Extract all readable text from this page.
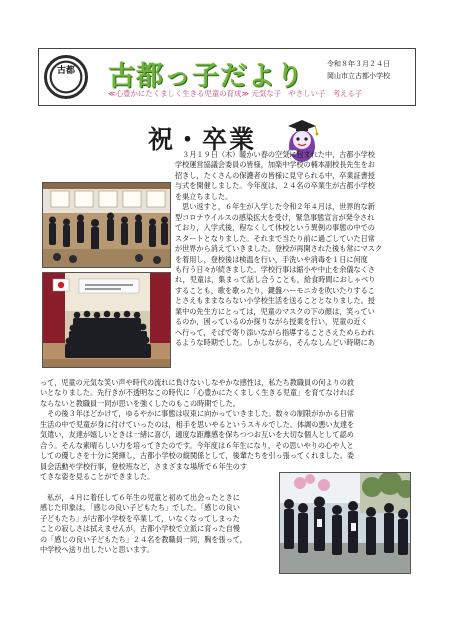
古都 古都っ子だより
≪心豊かにたくましく生きる児童の育成≫ 元気な子　やさしい子　考える子
令和８年３月２４日
岡山市立古都小学校
祝・卒業
　３月１９日（木）暖かい春の空気に包まれた中，古都小学校
学校運営協議会委員の皆様，加楽中学校の楠本副校長先生をお
招きし，たくさんの保護者の皆様に見守られる中，卒業証書授
与式を開催しました。今年度は，２４名の卒業生が古都小学校
を巣立ちました。
　思い返すと，６年生が入学した令和２年４月は，世界的な新
型コロナウイルスの感染拡大を受け，緊急事態宣言が発令され
ており，入学式後，程なくして休校という異例の事態の中での
スタートとなりました。それまで当たり前に過ごしていた日常
が世界から消えていきました。登校が再開された後も常にマスク
を着用し，登校後は検温を行い，手洗いや消毒を１日に何度
も行う日々が続きました。学校行事は縮小や中止を余儀なくさ
れ，児童は，集まって話し合うことも，給食時間におしゃべり
することも，歌を歌ったり，鍵盤ハーモニカを吹いたりするこ
とさえもままならない小学校生活を送ることとなりました。授
業中の先生方にとっては，児童のマスクの下の顔は，笑ってい
るのか，困っているのか探りながら授業を行い，児童の近く
へ行って，そばで寄り添いながら指導することさえためらわれ
るような時期でした。しかしながら，そんなしんどい時期にあ
って，児童の元気な笑い声や時代の流れに負けないしなやかな感性は，私たち教職員の何よりの救
いとなりました。先行きが不透明なこの時代に「心豊かにたくましく生きる児童」を育てなければ
ならないと教職員一同が思いを強くしたのもこの時期でした。
　その後３年ほどかけて，ゆるやかに事態は収束に向かっていきました。数々の制限がかかる日常
生活の中で児童が身に付けていったのは，相手を思いやるというスキルでした。体調の悪い友達を
気遣い，友達が嬉しいときは一緒に喜び，適度な距離感を保ちつつお互いを大切な個人として認め
合う。そんな素晴らしい力を培ってきたのです。今年度は６年生になり，その思いやりの心や人と
しての優しさを十分に発揮し，古都小学校の縦関係として，後輩たちを引っ張ってくれました。委
員会活動や学校行事，登校班など，さまざまな場所で６年生のす
てきな姿を見ることができました。
　私が，４月に着任して６年生の児童と初めて出会ったときに
感じた印象は，「感じの良い子どもたち」でした。「感じの良い
子どもたち」が古都小学校を卒業して，いなくなってしまった
ことの寂しさは拭えませんが，古都小学校で立派に育った自慢
の「感じの良い子どもたち」２４名を教職員一同，胸を張って，
中学校へ送り出したいと思います。
